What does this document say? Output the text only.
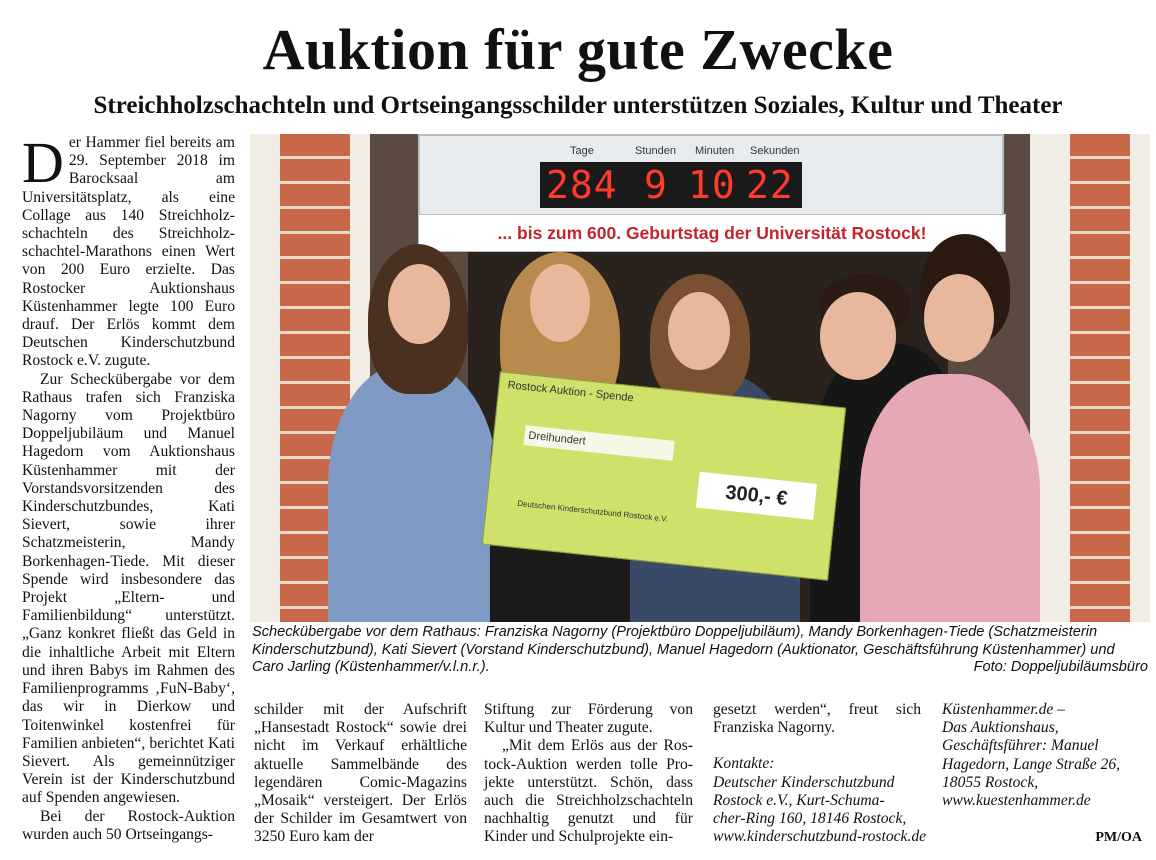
Auktion für gute Zwecke
Streichholzschachteln und Ortseingangsschilder unterstützen Soziales, Kultur und Theater

Der Hammer fiel bereits am 29. September 2018 im Barocksaal am Universitätsplatz, als eine Collage aus 140 Streichholzschachteln des Streichholzschachtel-Marathons einen Wert von 200 Euro erzielte. Das Rostocker Auktionshaus Küstenhammer legte 100 Euro drauf. Der Erlös kommt dem Deutschen Kinderschutzbund Rostock e.V. zugute.

Zur Scheckübergabe vor dem Rathaus trafen sich Franziska Nagorny vom Projektbüro Doppeljubiläum und Manuel Hagedorn vom Auktionshaus Küstenhammer mit der Vorstandsvorsitzenden des Kinderschutzbundes, Kati Sievert, sowie ihrer Schatzmeisterin, Mandy Borkenhagen-Tiede. Mit dieser Spende wird insbesondere das Projekt „Eltern- und Familienbildung“ unterstützt. „Ganz konkret fließt das Geld in die inhaltliche Arbeit mit Eltern und ihren Babys im Rahmen des Familienprogramms ‚FuN-Baby‘, das wir in Dierkow und Toitenwinkel kostenfrei für Familien anbieten“, berichtet Kati Sievert. Als gemeinnütziger Verein ist der Kinderschutzbund auf Spenden angewiesen.

Bei der Rostock-Auktion wurden auch 50 Ortseingangs-

Tage	Stunden Minuten Sekunden
284 9 10 22
... bis zum 600. Geburtstag der Universität Rostock!
Rostock Auktion - Spende
Dreihundert
300,- €
Deutschen Kinderschutzbund Rostock e.V.
Scheckübergabe vor dem Rathaus: Franziska Nagorny (Projektbüro Doppeljubiläum), Mandy Borkenhagen-Tiede (Schatzmeisterin Kinderschutzbund), Kati Sievert (Vorstand Kinderschutzbund), Manuel Hagedorn (Auktionator, Geschäftsführung Küstenhammer) und Caro Jarling (Küstenhammer/v.l.n.r.).	Foto: Doppeljubiläumsbüro

schilder mit der Aufschrift „Hansestadt Rostock“ sowie drei nicht im Verkauf erhältliche aktuelle Sammelbände des legendären Comic-Magazins „Mosaik“ versteigert. Der Erlös der Schilder im Gesamtwert von 3250 Euro kam der

Stiftung zur Förderung von Kultur und Theater zugute.

„Mit dem Erlös aus der Rostock-Auktion werden tolle Projekte unterstützt. Schön, dass auch die Streichholzschachteln nachhaltig genutzt und für Kinder und Schulprojekte ein-

gesetzt werden“, freut sich Franziska Nagorny.

Kontakte:
Deutscher Kinderschutzbund
Rostock e.V., Kurt-Schuma-
cher-Ring 160, 18146 Rostock,
www.kinderschutzbund-rostock.de
Küstenhammer.de –
Das Auktionshaus,
Geschäftsführer: Manuel
Hagedorn, Lange Straße 26,
18055 Rostock,
www.kuestenhammer.de
PM/OA
